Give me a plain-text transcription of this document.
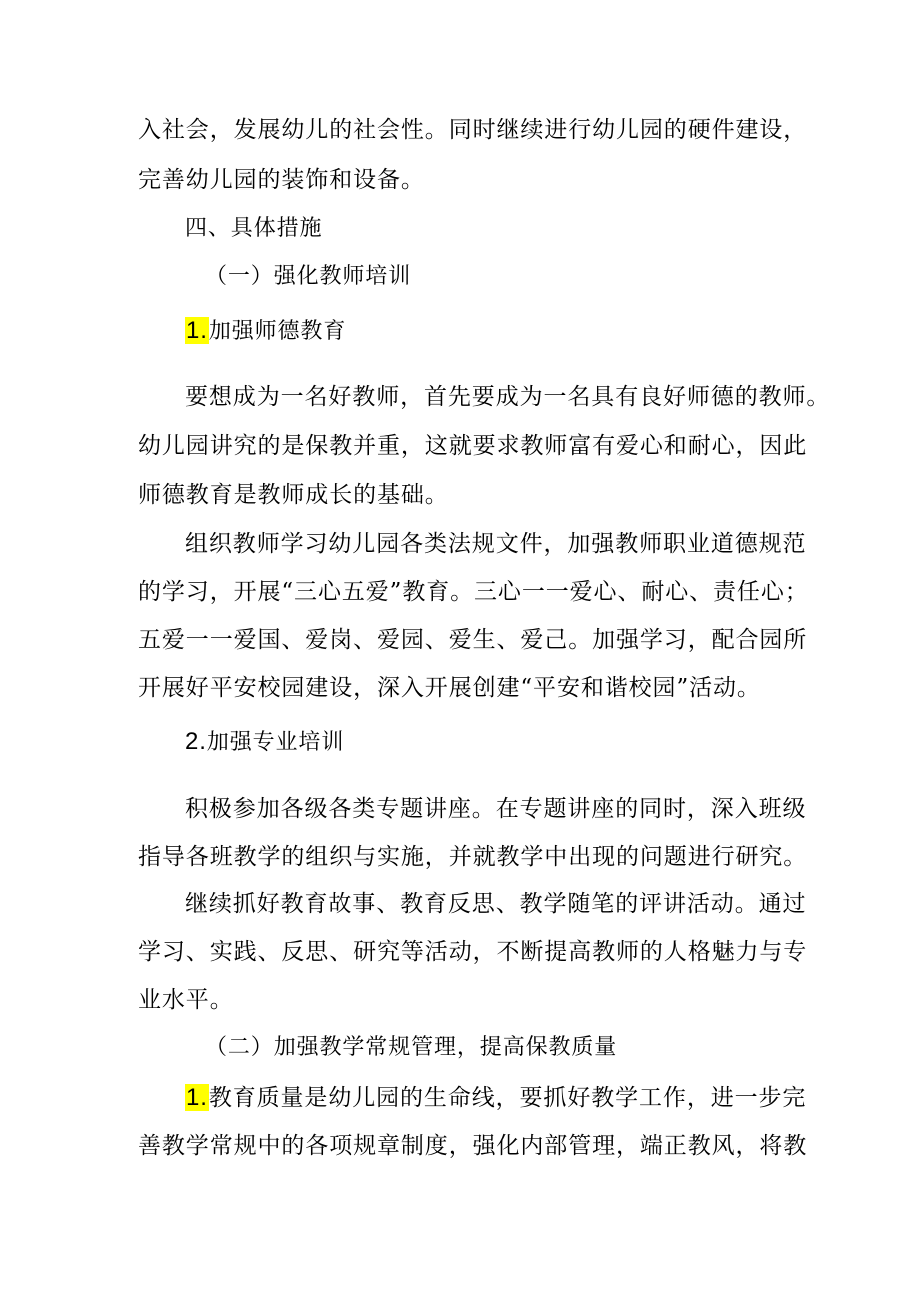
入社会，发展幼儿的社会性。同时继续进行幼儿园的硬件建设，
完善幼儿园的装饰和设备。
四、具体措施
（一）强化教师培训
1.加强师德教育
要想成为一名好教师，首先要成为一名具有良好师德的教师。
幼儿园讲究的是保教并重，这就要求教师富有爱心和耐心，因此
师德教育是教师成长的基础。
组织教师学习幼儿园各类法规文件，加强教师职业道德规范
的学习，开展“三心五爱”教育。三心一一爱心、耐心、责任心；
五爱一一爱国、爱岗、爱园、爱生、爱己。加强学习，配合园所
开展好平安校园建设，深入开展创建“平安和谐校园”活动。
2.加强专业培训
积极参加各级各类专题讲座。在专题讲座的同时，深入班级
指导各班教学的组织与实施，并就教学中出现的问题进行研究。
继续抓好教育故事、教育反思、教学随笔的评讲活动。通过
学习、实践、反思、研究等活动，不断提高教师的人格魅力与专
业水平。
（二）加强教学常规管理，提高保教质量
1.教育质量是幼儿园的生命线，要抓好教学工作，进一步完
善教学常规中的各项规章制度，强化内部管理，端正教风，将教
